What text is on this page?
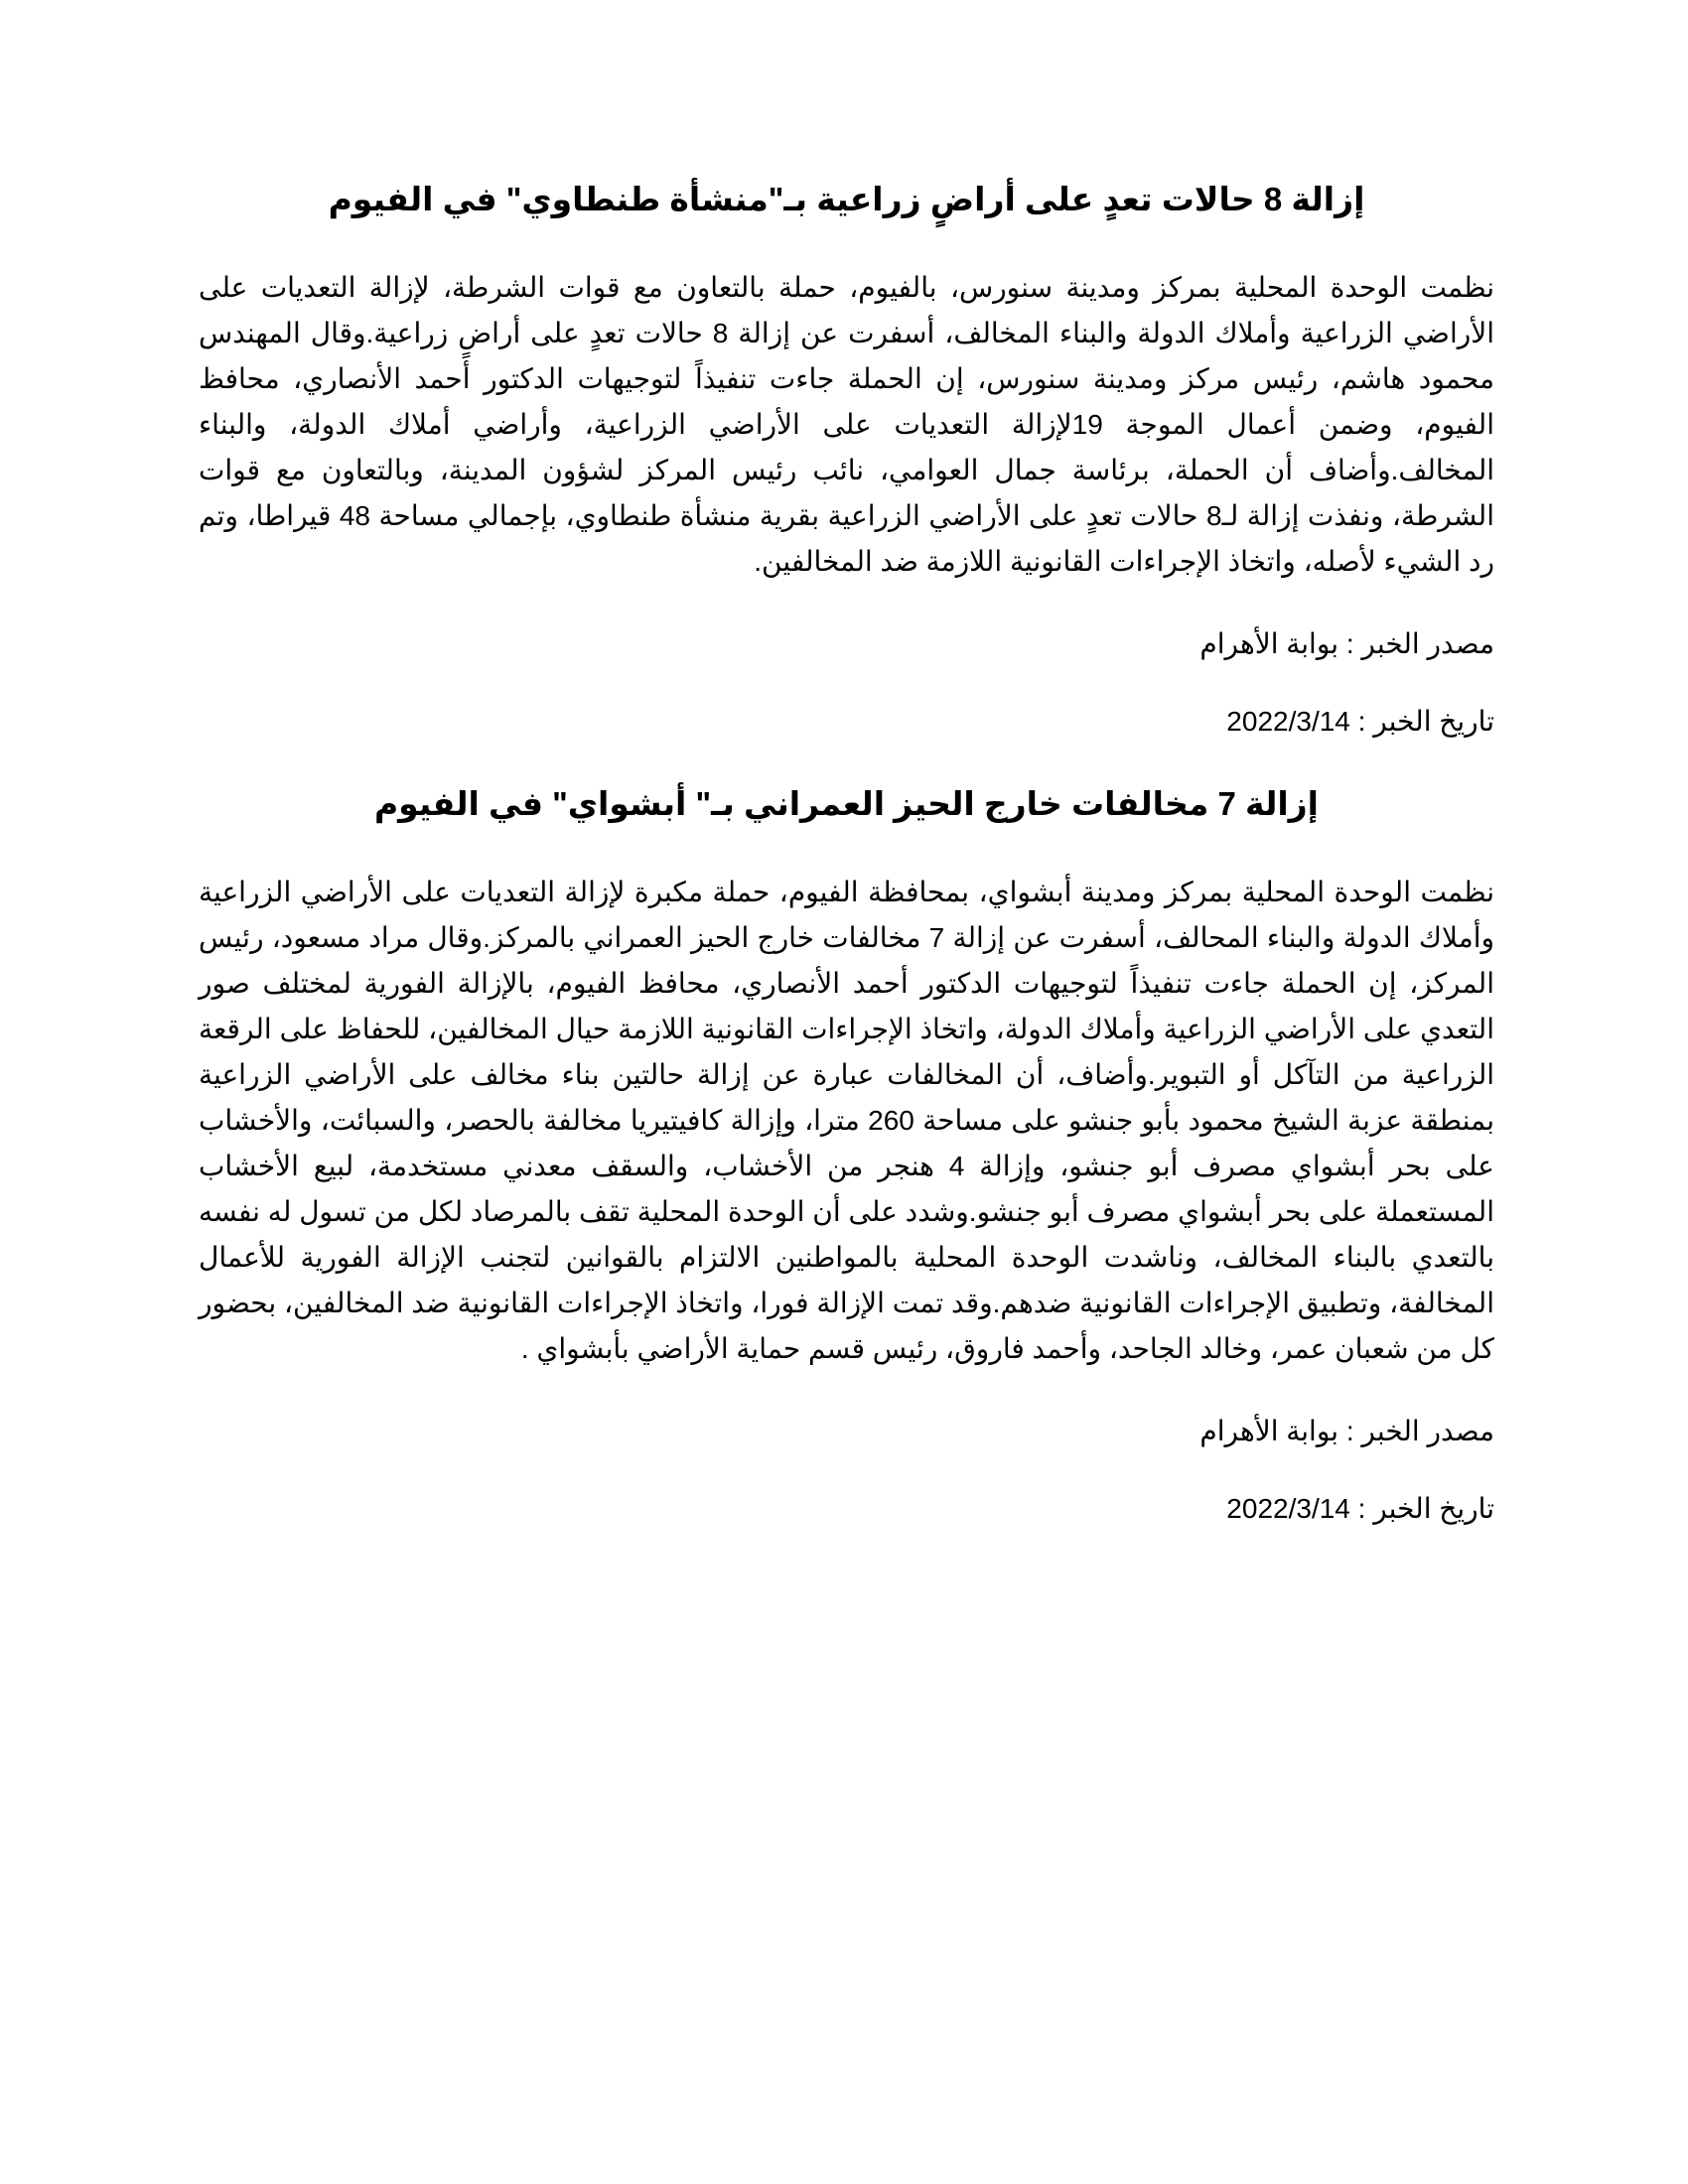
إزالة 8 حالات تعدٍ على أراضٍ زراعية بـ"منشأة طنطاوي" في الفيوم

نظمت الوحدة المحلية بمركز ومدينة سنورس، بالفيوم، حملة بالتعاون مع قوات الشرطة، لإزالة التعديات على الأراضي الزراعية وأملاك الدولة والبناء المخالف، أسفرت عن إزالة 8 حالات تعدٍ على أراضٍ زراعية.وقال المهندس محمود هاشم، رئيس مركز ومدينة سنورس، إن الحملة جاءت تنفيذاً لتوجيهات الدكتور أحمد الأنصاري، محافظ الفيوم، وضمن أعمال الموجة 19لإزالة التعديات على الأراضي الزراعية، وأراضي أملاك الدولة، والبناء المخالف.وأضاف أن الحملة، برئاسة جمال العوامي، نائب رئيس المركز لشؤون المدينة، وبالتعاون مع قوات الشرطة، ونفذت إزالة لـ8 حالات تعدٍ على الأراضي الزراعية بقرية منشأة طنطاوي، بإجمالي مساحة 48 قيراطا، وتم رد الشيء لأصله، واتخاذ الإجراءات القانونية اللازمة ضد المخالفين.

مصدر الخبر : بوابة الأهرام

تاريخ الخبر : 2022/3/14

إزالة 7 مخالفات خارج الحيز العمراني بـ" أبشواي" في الفيوم

نظمت الوحدة المحلية بمركز ومدينة أبشواي، بمحافظة الفيوم، حملة مكبرة لإزالة التعديات على الأراضي الزراعية وأملاك الدولة والبناء المحالف، أسفرت عن إزالة 7 مخالفات خارج الحيز العمراني بالمركز.وقال مراد مسعود، رئيس المركز، إن الحملة جاءت تنفيذاً لتوجيهات الدكتور أحمد الأنصاري، محافظ الفيوم، بالإزالة الفورية لمختلف صور التعدي على الأراضي الزراعية وأملاك الدولة، واتخاذ الإجراءات القانونية اللازمة حيال المخالفين، للحفاظ على الرقعة الزراعية من التآكل أو التبوير.وأضاف، أن المخالفات عبارة عن إزالة حالتين بناء مخالف على الأراضي الزراعية بمنطقة عزبة الشيخ محمود بأبو جنشو على مساحة 260 مترا، وإزالة كافيتيريا مخالفة بالحصر، والسبائت، والأخشاب على بحر أبشواي مصرف أبو جنشو، وإزالة 4 هنجر من الأخشاب، والسقف معدني مستخدمة، لبيع الأخشاب المستعملة على بحر أبشواي مصرف أبو جنشو.وشدد على أن الوحدة المحلية تقف بالمرصاد لكل من تسول له نفسه بالتعدي بالبناء المخالف، وناشدت الوحدة المحلية بالمواطنين الالتزام بالقوانين لتجنب الإزالة الفورية للأعمال المخالفة، وتطبيق الإجراءات القانونية ضدهم.وقد تمت الإزالة فورا، واتخاذ الإجراءات القانونية ضد المخالفين، بحضور كل من شعبان عمر، وخالد الجاحد، وأحمد فاروق، رئيس قسم حماية الأراضي بأبشواي .

مصدر الخبر : بوابة الأهرام

تاريخ الخبر : 2022/3/14
